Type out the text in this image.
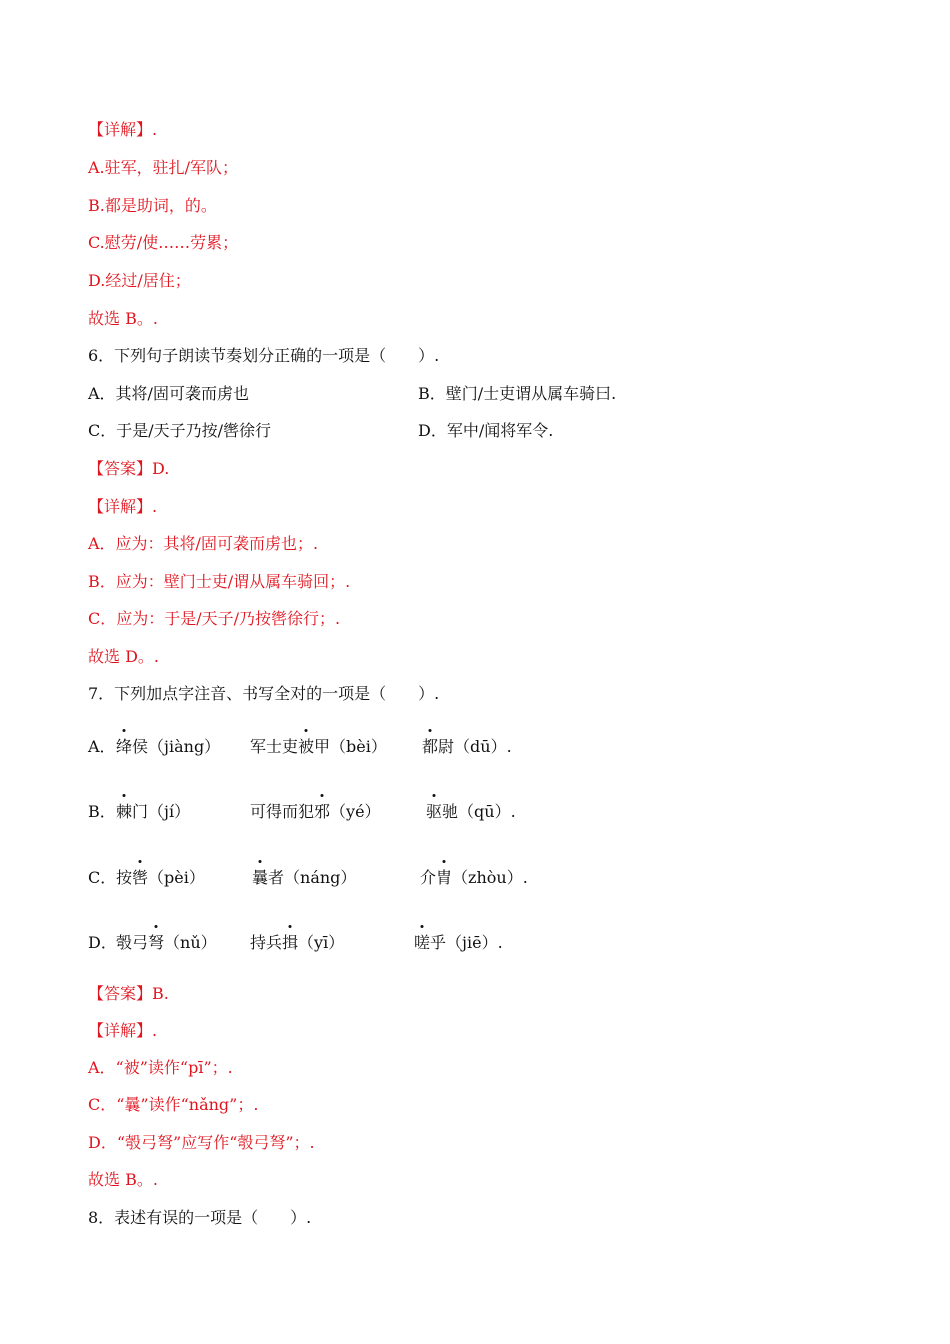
【详解】.
A.驻军，驻扎/军队；
B.都是助词，的。
C.慰劳/使……劳累；
D.经过/居住；
故选 B。.
6．下列句子朗读节奏划分正确的一项是（　　）.
A．其将/固可袭而虏也	B．壁门/士吏谓从属车骑曰.
C．于是/天子乃按/辔徐行	D．军中/闻将军令.
【答案】D.
【详解】.
A．应为：其将/固可袭而虏也；.
B．应为：壁门士吏/谓从属车骑回；.
C．应为：于是/天子/乃按辔徐行；.
故选 D。.
7．下列加点字注音、书写全对的一项是（　　）.
A． 绛侯（jiàng） 军士吏被甲（bèi） 都尉（dū）.
B． 棘门（jí）	可得而犯邪（yé）	驱驰（qū）.
C． 按辔（pèi）	曩者（náng）	介胄（zhòu）.
D． 彀弓弩（nǔ） 持兵揖（yī）	嗟乎（jiē）.
【答案】B.
【详解】.
A．“被”读作“pī”；.
C．“曩”读作“nǎng”；.
D．“彀弓弩”应写作“彀弓弩”；.
故选 B。.
8．表述有误的一项是（　　）.
